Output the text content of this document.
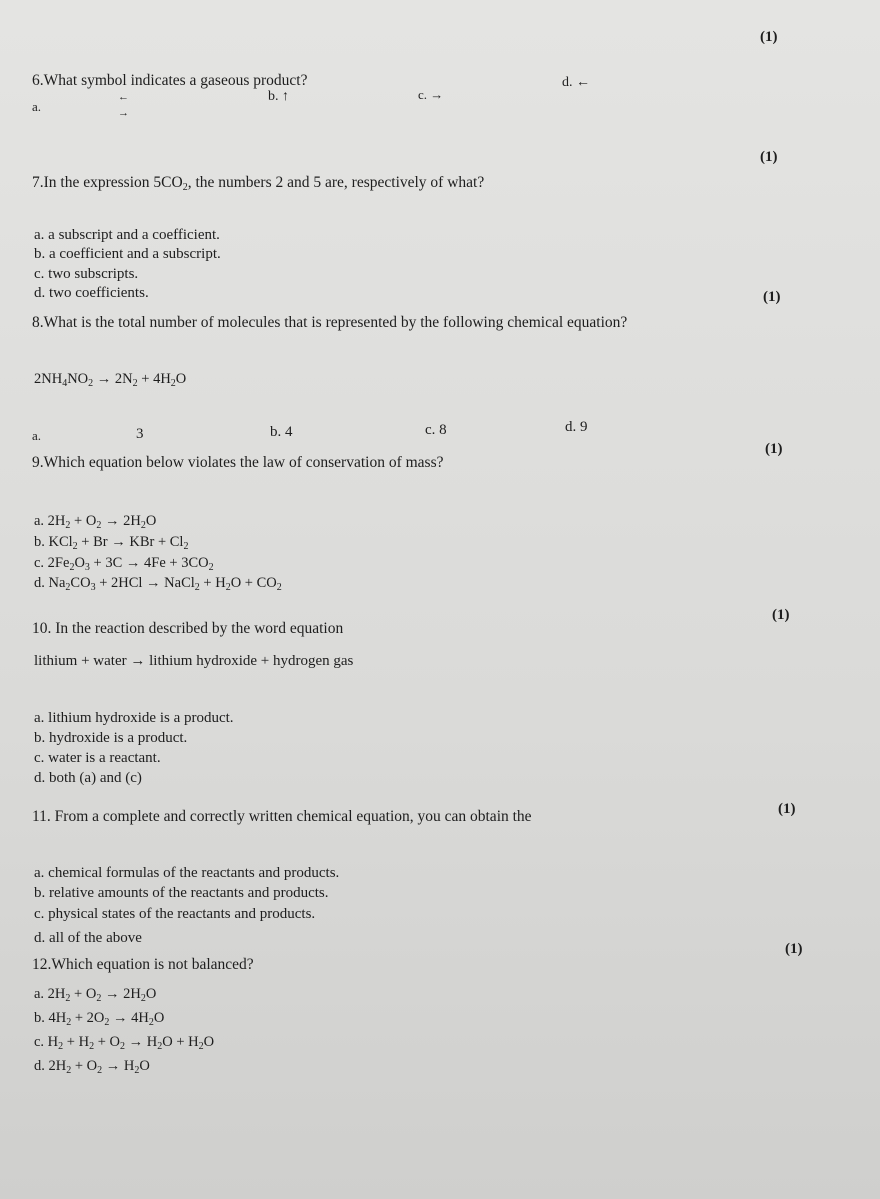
(1)
6.What symbol indicates a gaseous product?
a.
←
→
b. ↑	c. →
d. ←
(1)
7.In the expression $5CO_2$, the numbers 2 and 5 are, respectively of what?
a. a subscript and a coefficient.
b. a coefficient and a subscript.
c. two subscripts.
d. two coefficients.	(1)
8.What is the total number of molecules that is represented by the following chemical equation?
$2NH_4NO_2 \to 2N_2 + 4H_2O$
a.	3	b. 4	c. 8	d. 9
(1)
9.Which equation below violates the law of conservation of mass?
a. $2H_2 + O_2 \to 2H_2O$
b. KCl$_2$ + Br → KBr + $Cl_2$
c. $2Fe_2O_3 + 3C \to 4Fe + 3CO_2$
d. $Na_2CO_3 + 2HCl$ → NaCl$_2$ + $H_2O + CO_2$
(1)
10. In the reaction described by the word equation
lithium + water → lithium hydroxide + hydrogen gas
a. lithium hydroxide is a product.
b. hydroxide is a product.
c. water is a reactant.
d. both (a) and (c)
(1)
11. From a complete and correctly written chemical equation, you can obtain the
a. chemical formulas of the reactants and products.
b. relative amounts of the reactants and products.
c. physical states of the reactants and products.
d. all of the above
(1)
12.Which equation is not balanced?
a. $2H_2 + O_2 \to 2H_2O$
b. $4H_2 + 2O_2 \to 4H_2O$
c. $H_2 + H_2 + O_2 \to H_2O + H_2O$
d. $2H_2 + O_2 \to H_2O$
